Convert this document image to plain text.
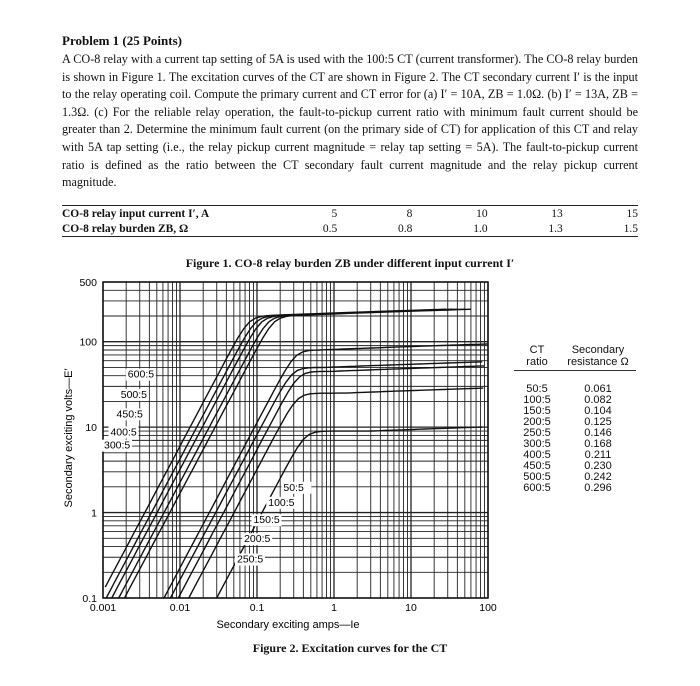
Problem 1 (25 Points)
A CO-8 relay with a current tap setting of 5A is used with the 100:5 CT (current transformer). The CO-8 relay burden is shown in Figure 1. The excitation curves of the CT are shown in Figure 2. The CT secondary current I′ is the input to the relay operating coil. Compute the primary current and CT error for (a) I′ = 10A, ZB = 1.0Ω. (b) I′ = 13A, ZB = 1.3Ω. (c) For the reliable relay operation, the fault-to-pickup current ratio with minimum fault current should be greater than 2. Determine the minimum fault current (on the primary side of CT) for application of this CT and relay with 5A tap setting (i.e., the relay pickup current magnitude = relay tap setting = 5A). The fault-to-pickup current ratio is defined as the ratio between the CT secondary fault current magnitude and the relay pickup current magnitude.
CO-8 relay input current I′, A	5	8	10	13	15
CO-8 relay burden ZB, Ω	0.5	0.8	1.0	1.3	1.5
Figure 1. CO-8 relay burden ZB under different input current I′
600:5
500:5
450:5
400:5
300:5
250:5
200:5
150:5
100:5
50:5
0.001	0.01	0.1	1	10	100
0.1
1
10
100
500
Secondary exciting volts—E′
Secondary exciting amps—Ie
CT ratio	Secondary resistance Ω
50:5	0.061
100:5	0.082
150:5	0.104
200:5	0.125
250:5	0.146
300:5	0.168
400:5	0.211
450:5	0.230
500:5	0.242
600:5	0.296
Figure 2. Excitation curves for the CT
